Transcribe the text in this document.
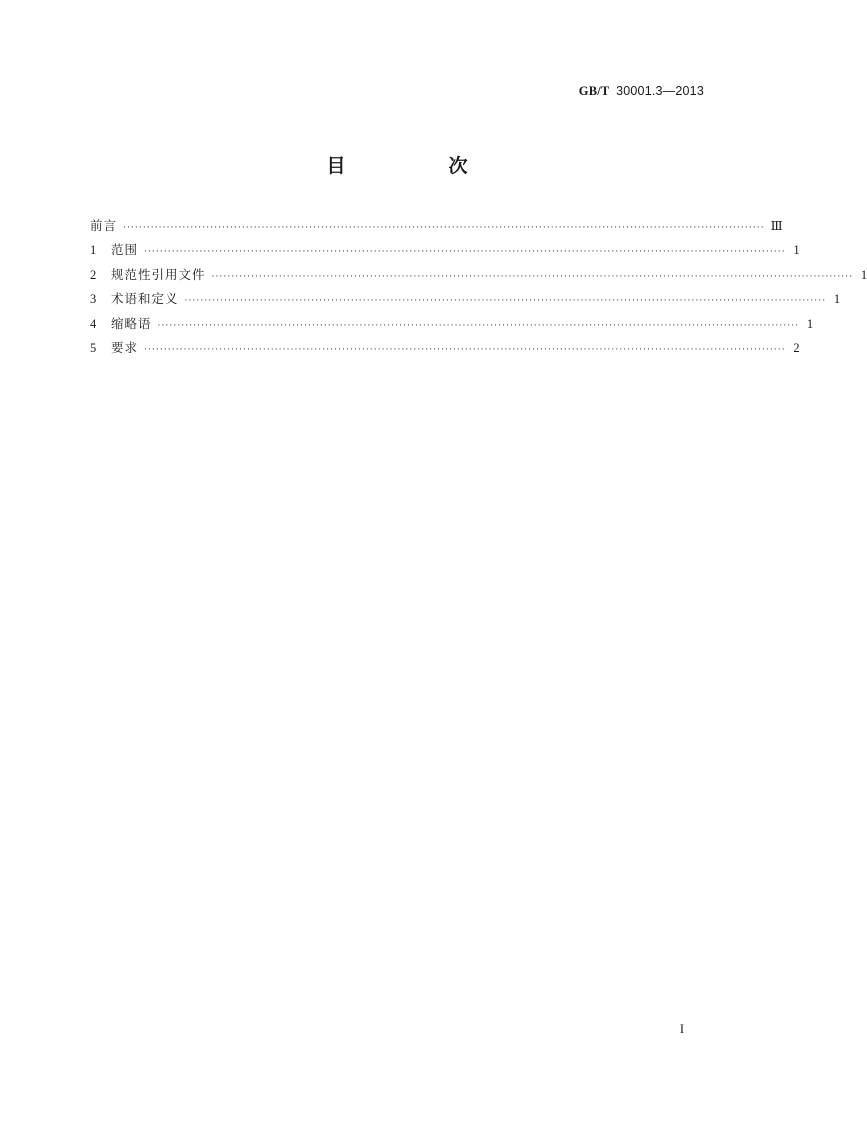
GB/T 30001.3—2013
目　次
前言 ·································································································································································· Ⅲ
1	范围 ·································································································································································· 1
2	规范性引用文件 ·································································································································································· 1
3	术语和定义 ·································································································································································· 1
4	缩略语 ·································································································································································· 1
5	要求 ·································································································································································· 2
I
